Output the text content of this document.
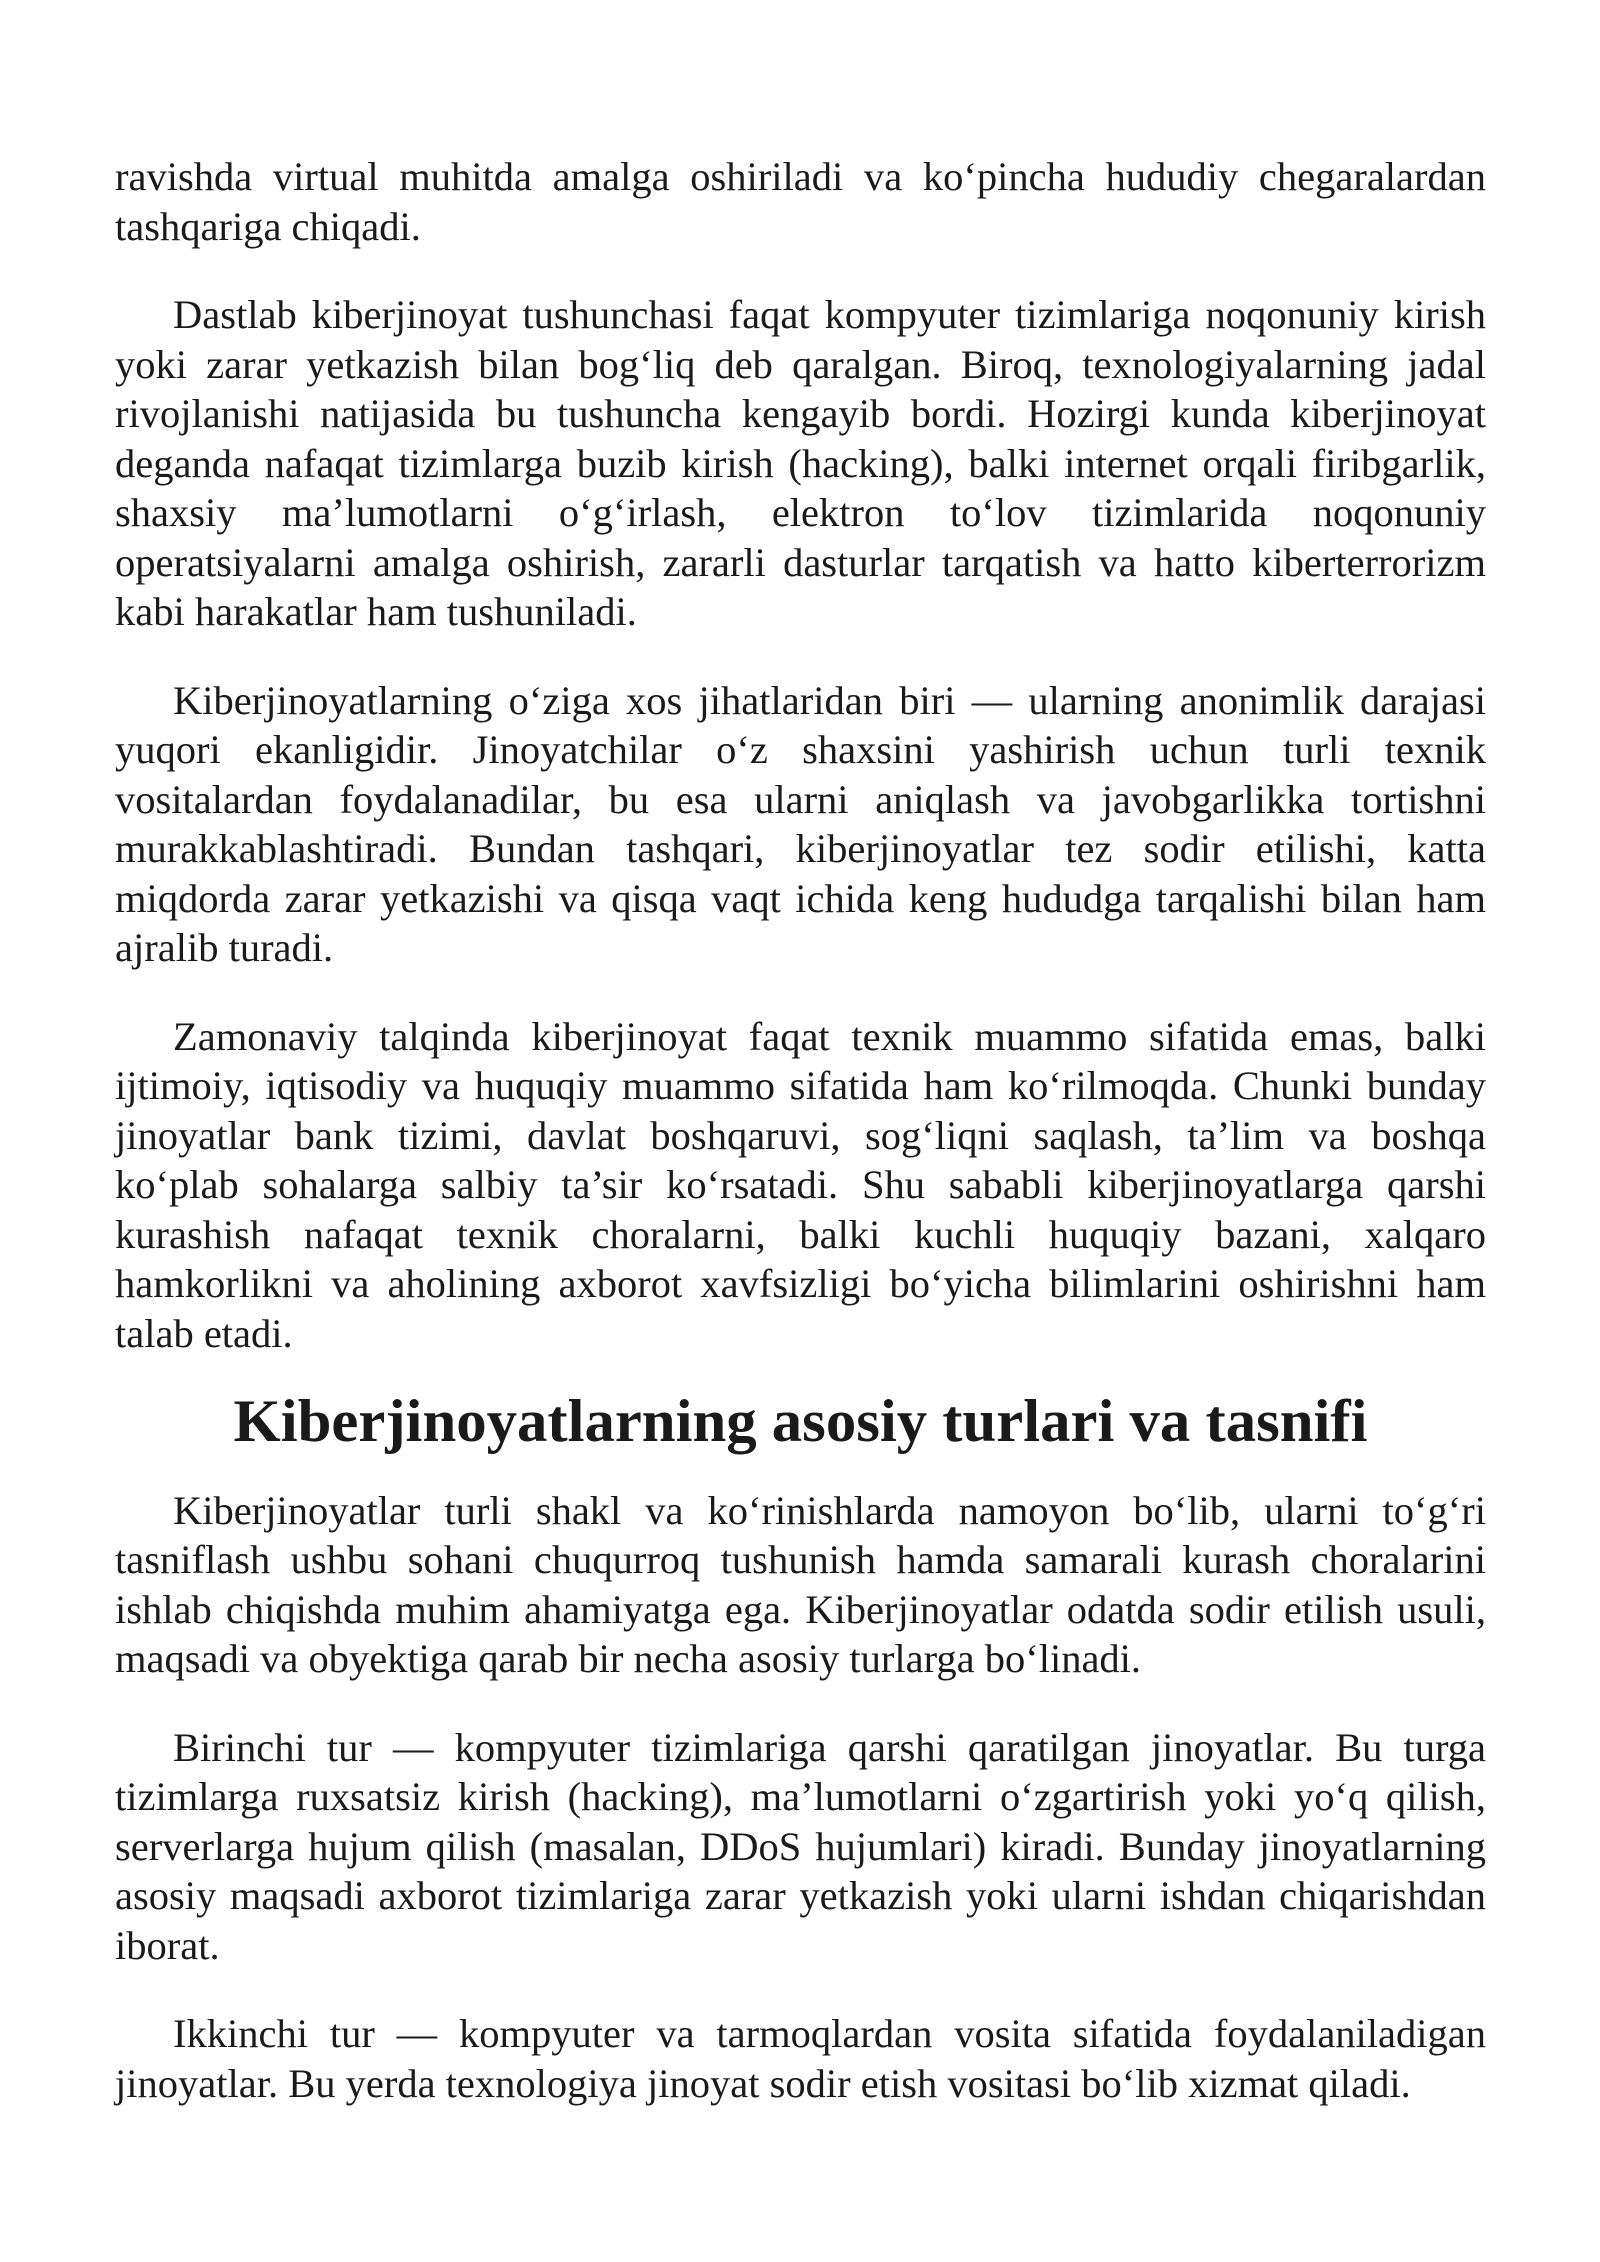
ravishda virtual muhitda amalga oshiriladi va ko‘pincha hududiy chegaralardan tashqariga chiqadi.

Dastlab kiberjinoyat tushunchasi faqat kompyuter tizimlariga noqonuniy kirish yoki zarar yetkazish bilan bog‘liq deb qaralgan. Biroq, texnologiyalarning jadal rivojlanishi natijasida bu tushuncha kengayib bordi. Hozirgi kunda kiberjinoyat deganda nafaqat tizimlarga buzib kirish (hacking), balki internet orqali firibgarlik, shaxsiy ma’lumotlarni o‘g‘irlash, elektron to‘lov tizimlarida noqonuniy operatsiyalarni amalga oshirish, zararli dasturlar tarqatish va hatto kiberterrorizm kabi harakatlar ham tushuniladi.

Kiberjinoyatlarning o‘ziga xos jihatlaridan biri — ularning anonimlik darajasi yuqori ekanligidir. Jinoyatchilar o‘z shaxsini yashirish uchun turli texnik vositalardan foydalanadilar, bu esa ularni aniqlash va javobgarlikka tortishni murakkablashtiradi. Bundan tashqari, kiberjinoyatlar tez sodir etilishi, katta miqdorda zarar yetkazishi va qisqa vaqt ichida keng hududga tarqalishi bilan ham ajralib turadi.

Zamonaviy talqinda kiberjinoyat faqat texnik muammo sifatida emas, balki ijtimoiy, iqtisodiy va huquqiy muammo sifatida ham ko‘rilmoqda. Chunki bunday jinoyatlar bank tizimi, davlat boshqaruvi, sog‘liqni saqlash, ta’lim va boshqa ko‘plab sohalarga salbiy ta’sir ko‘rsatadi. Shu sababli kiberjinoyatlarga qarshi kurashish nafaqat texnik choralarni, balki kuchli huquqiy bazani, xalqaro hamkorlikni va aholining axborot xavfsizligi bo‘yicha bilimlarini oshirishni ham talab etadi.

Kiberjinoyatlarning asosiy turlari va tasnifi

Kiberjinoyatlar turli shakl va ko‘rinishlarda namoyon bo‘lib, ularni to‘g‘ri tasniflash ushbu sohani chuqurroq tushunish hamda samarali kurash choralarini ishlab chiqishda muhim ahamiyatga ega. Kiberjinoyatlar odatda sodir etilish usuli, maqsadi va obyektiga qarab bir necha asosiy turlarga bo‘linadi.

Birinchi tur — kompyuter tizimlariga qarshi qaratilgan jinoyatlar. Bu turga tizimlarga ruxsatsiz kirish (hacking), ma’lumotlarni o‘zgartirish yoki yo‘q qilish, serverlarga hujum qilish (masalan, DDoS hujumlari) kiradi. Bunday jinoyatlarning asosiy maqsadi axborot tizimlariga zarar yetkazish yoki ularni ishdan chiqarishdan iborat.

Ikkinchi tur — kompyuter va tarmoqlardan vosita sifatida foydalaniladigan jinoyatlar. Bu yerda texnologiya jinoyat sodir etish vositasi bo‘lib xizmat qiladi.
